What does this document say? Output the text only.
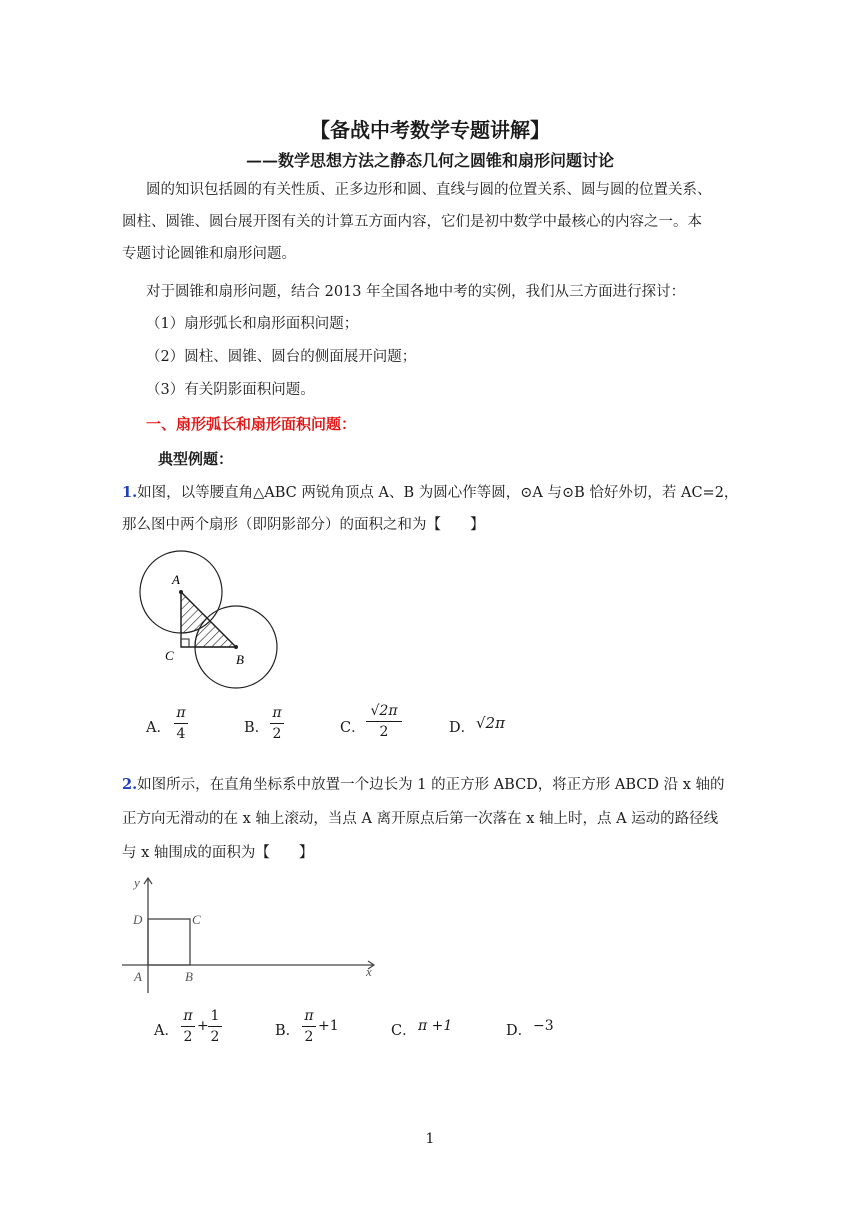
【备战中考数学专题讲解】
——数学思想方法之静态几何之圆锥和扇形问题讨论
圆的知识包括圆的有关性质、正多边形和圆、直线与圆的位置关系、圆与圆的位置关系、
圆柱、圆锥、圆台展开图有关的计算五方面内容，它们是初中数学中最核心的内容之一。本
专题讨论圆锥和扇形问题。
对于圆锥和扇形问题，结合 2013 年全国各地中考的实例，我们从三方面进行探讨：
（1）扇形弧长和扇形面积问题；
（2）圆柱、圆锥、圆台的侧面展开问题；
（3）有关阴影面积问题。
一、扇形弧长和扇形面积问题：
典型例题：
1.如图，以等腰直角△ABC 两锐角顶点 A、B 为圆心作等圆，⊙A 与⊙B 恰好外切，若 AC=2，
那么图中两个扇形（即阴影部分）的面积之和为【　　】
A
B
C
A．
π
4	B．
π
2	C．
√2π
2	D． √2π
2.如图所示，在直角坐标系中放置一个边长为 1 的正方形 ABCD，将正方形 ABCD 沿 x 轴的
正方向无滑动的在 x 轴上滚动，当点 A 离开原点后第一次落在 x 轴上时，点 A 运动的路径线
与 x 轴围成的面积为【　　】
y
x
D	C
A	B
A．
π
2
+
1
2	B．
π
2
+1	C． π +1	D． −3
1
